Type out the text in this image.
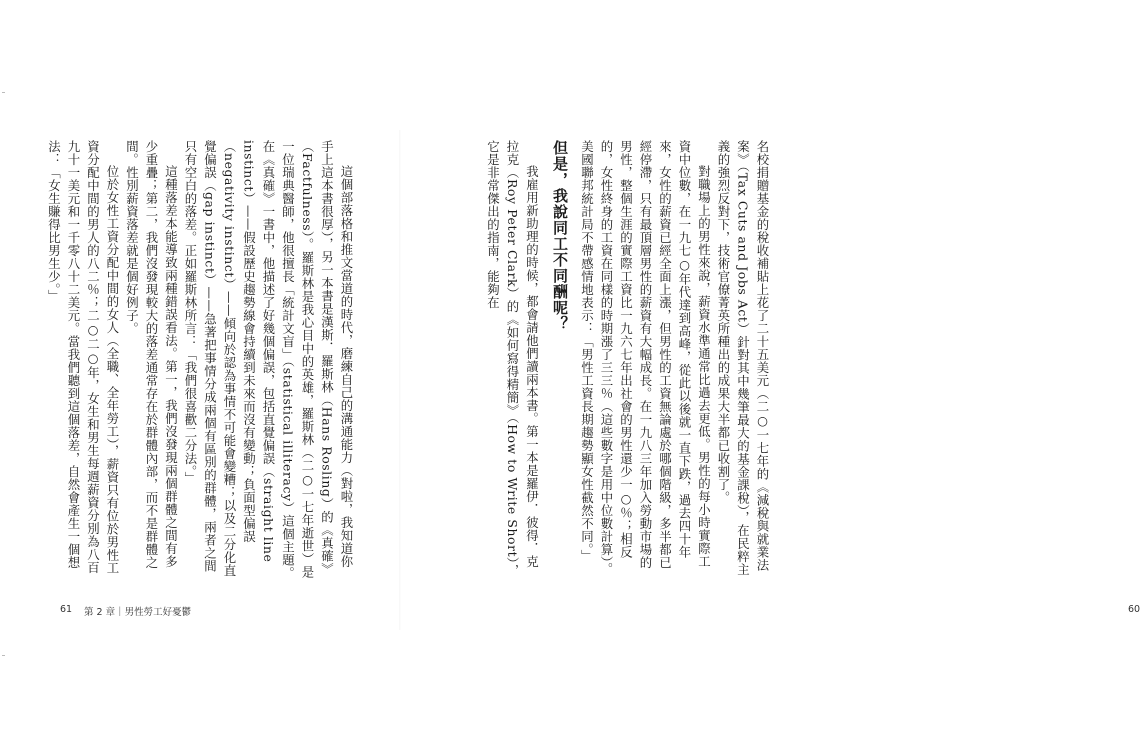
這個部落格和推文當道的時代，磨練自己的溝通能力（對啦，我知道你手上這本書很厚），另一本書是漢斯．羅斯林（Hans Rosling）的《真確》（Factfulness）。羅斯林是我心目中的英雄，羅斯林（二○一七年逝世）是一位瑞典醫師，他很擅長「統計文盲」（statistical illiteracy）這個主題。在《真確》一書中，他描述了好幾個偏誤，包括直覺偏誤（straight line instinct）——假設歷史趨勢線會持續到未來而沒有變動；負面型偏誤（negativity instinct）——傾向於認為事情不可能會變糟；以及二分化直覺偏誤（gap instinct）——急著把事情分成兩個有區別的群體，兩者之間只有空白的落差。正如羅斯林所言：「我們很喜歡二分法。」

這種落差本能導致兩種錯誤看法。第一，我們沒發現兩個群體之間有多少重疊；第二，我們沒發現較大的落差通常存在於群體內部，而不是群體之間。性別薪資落差就是個好例子。

位於女性工資分配中間的女人（全職、全年勞工），薪資只有位於男性工資分配中間的男人的八二％；二○二○年，女生和男生每週薪資分別為八百九十一美元和一千零八十二美元。當我們聽到這個落差，自然會產生一個想法：「女生賺得比男生少。」

61 第 2 章｜男性勞工好憂鬱

名校捐贈基金的稅收補貼上花了二十五美元（二○一七年的《減稅與就業法案》（Tax Cuts and Jobs Act）針對其中幾筆最大的基金課稅），在民粹主義的強烈反對下，技術官僚菁英所種出的成果大半都已收割了。

對職場上的男性來說，薪資水準通常比過去更低。男性的每小時實際工資中位數，在一九七○年代達到高峰，從此以後就一直下跌，過去四十年來，女性的薪資已經全面上漲，但男性的工資無論處於哪個階級，多半都已經停滯，只有最頂層男性的薪資有大幅成長。在一九八三年加入勞動市場的男性，整個生涯的實際工資比一九六七年出社會的男性還少一○％；相反的，女性終身的工資在同樣的時期漲了三三％（這些數字是用中位數計算）。美國聯邦統計局不帶感情地表示：「男性工資長期趨勢顯女性截然不同。」

但是，我說同工不同酬呢？

我雇用新助理的時候，都會請他們讀兩本書。第一本是羅伊．彼得．克拉克（Roy Peter Clark）的《如何寫得精簡》（How to Write Short），它是非常傑出的指南，能夠在

60
